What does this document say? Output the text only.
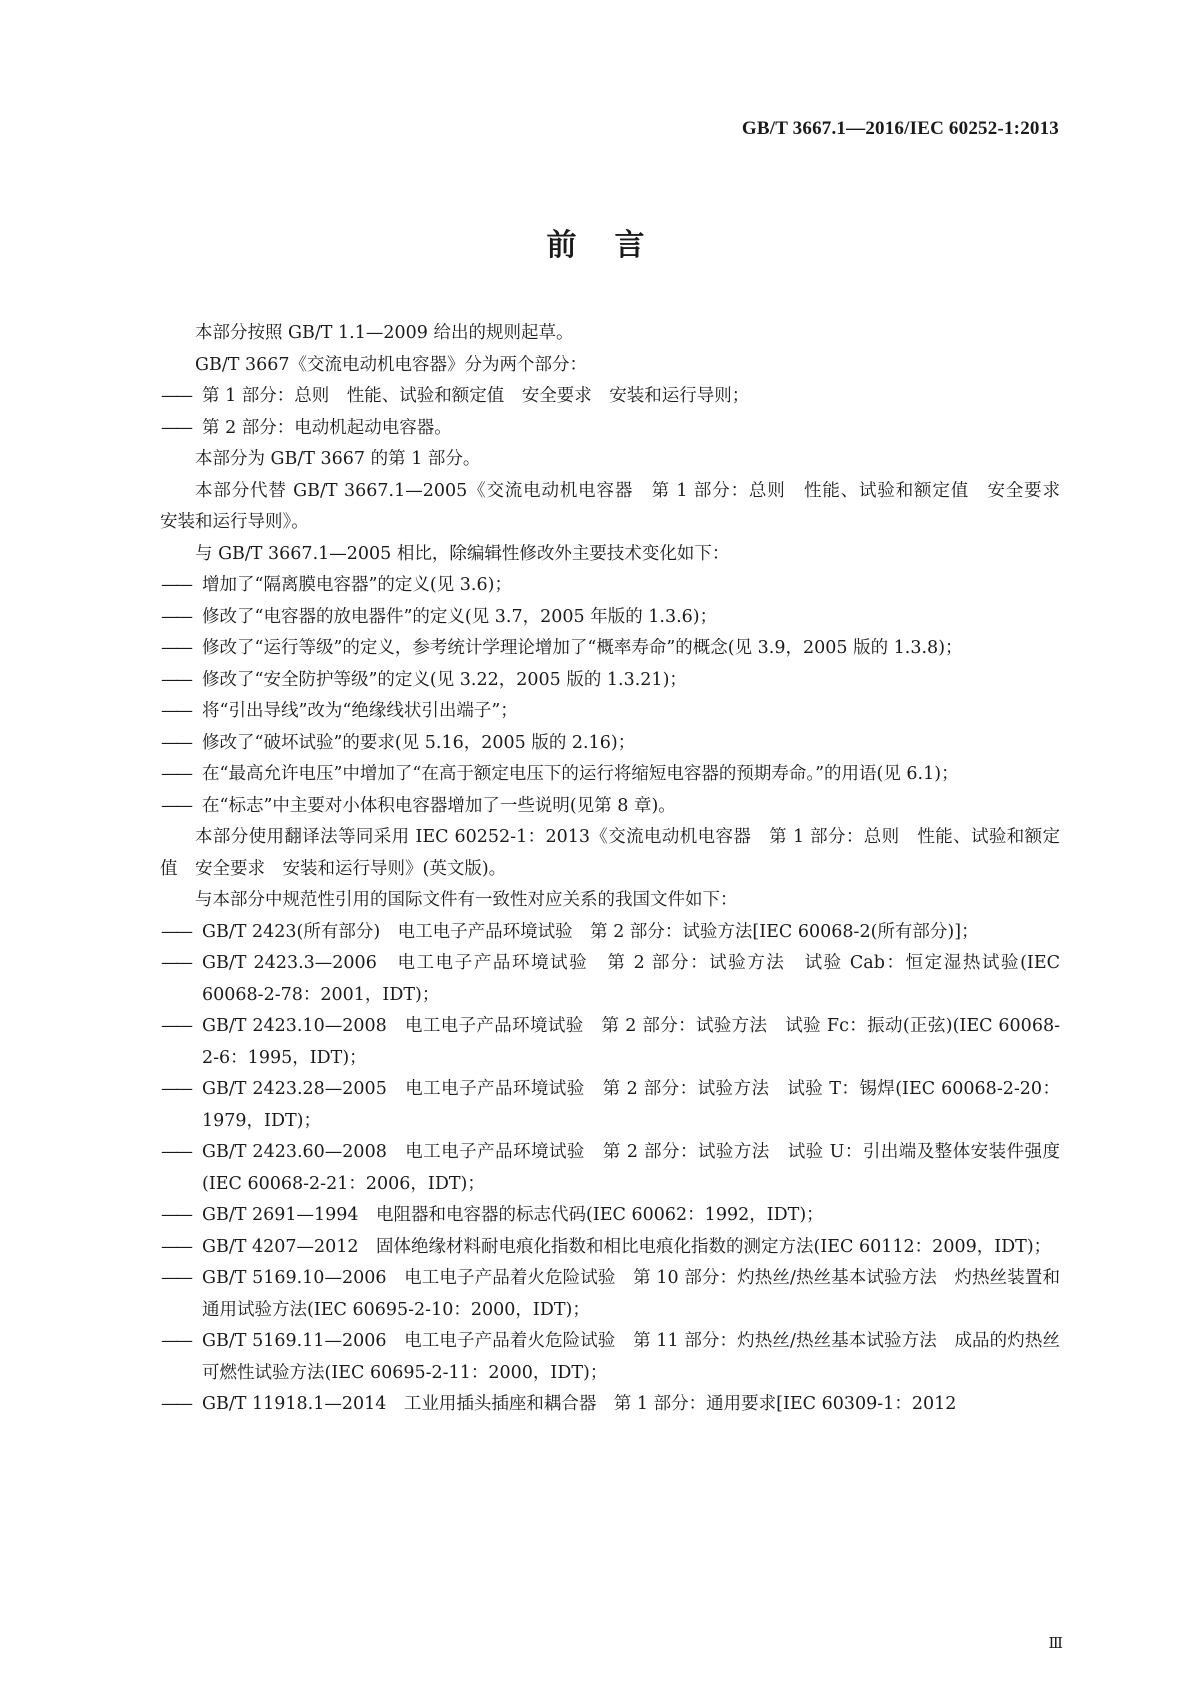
GB/T 3667.1—2016/IEC 60252-1:2013
前言

本部分按照 GB/T 1.1—2009 给出的规则起草。

GB/T 3667《交流电动机电容器》分为两个部分：

—— 第 1 部分：总则　性能、试验和额定值　安全要求　安装和运行导则；

—— 第 2 部分：电动机起动电容器。

本部分为 GB/T 3667 的第 1 部分。

本部分代替 GB/T 3667.1—2005《交流电动机电容器　第 1 部分：总则　性能、试验和额定值　安全要求　安装和运行导则》。

与 GB/T 3667.1—2005 相比，除编辑性修改外主要技术变化如下：

—— 增加了“隔离膜电容器”的定义(见 3.6)；

—— 修改了“电容器的放电器件”的定义(见 3.7，2005 年版的 1.3.6)；

—— 修改了“运行等级”的定义，参考统计学理论增加了“概率寿命”的概念(见 3.9，2005 版的 1.3.8)；

—— 修改了“安全防护等级”的定义(见 3.22，2005 版的 1.3.21)；

—— 将“引出导线”改为“绝缘线状引出端子”；

—— 修改了“破坏试验”的要求(见 5.16，2005 版的 2.16)；

—— 在“最高允许电压”中增加了“在高于额定电压下的运行将缩短电容器的预期寿命。”的用语(见 6.1)；

—— 在“标志”中主要对小体积电容器增加了一些说明(见第 8 章)。

本部分使用翻译法等同采用 IEC 60252-1：2013《交流电动机电容器　第 1 部分：总则　性能、试验和额定值　安全要求　安装和运行导则》(英文版)。

与本部分中规范性引用的国际文件有一致性对应关系的我国文件如下：

—— GB/T 2423(所有部分)　电工电子产品环境试验　第 2 部分：试验方法[IEC 60068-2(所有部分)]；

—— GB/T 2423.3—2006　电工电子产品环境试验　第 2 部分：试验方法　试验 Cab：恒定湿热试验(IEC 60068-2-78：2001，IDT)；

—— GB/T 2423.10—2008　电工电子产品环境试验　第 2 部分：试验方法　试验 Fc：振动(正弦)(IEC 60068-2-6：1995，IDT)；

—— GB/T 2423.28—2005　电工电子产品环境试验　第 2 部分：试验方法　试验 T：锡焊(IEC 60068-2-20：1979，IDT)；

—— GB/T 2423.60—2008　电工电子产品环境试验　第 2 部分：试验方法　试验 U：引出端及整体安装件强度(IEC 60068-2-21：2006，IDT)；

—— GB/T 2691—1994　电阻器和电容器的标志代码(IEC 60062：1992，IDT)；

—— GB/T 4207—2012　固体绝缘材料耐电痕化指数和相比电痕化指数的测定方法(IEC 60112：2009，IDT)；

—— GB/T 5169.10—2006　电工电子产品着火危险试验　第 10 部分：灼热丝/热丝基本试验方法　灼热丝装置和通用试验方法(IEC 60695-2-10：2000，IDT)；

—— GB/T 5169.11—2006　电工电子产品着火危险试验　第 11 部分：灼热丝/热丝基本试验方法　成品的灼热丝可燃性试验方法(IEC 60695-2-11：2000，IDT)；

—— GB/T 11918.1—2014　工业用插头插座和耦合器　第 1 部分：通用要求[IEC 60309-1：2012

Ⅲ
